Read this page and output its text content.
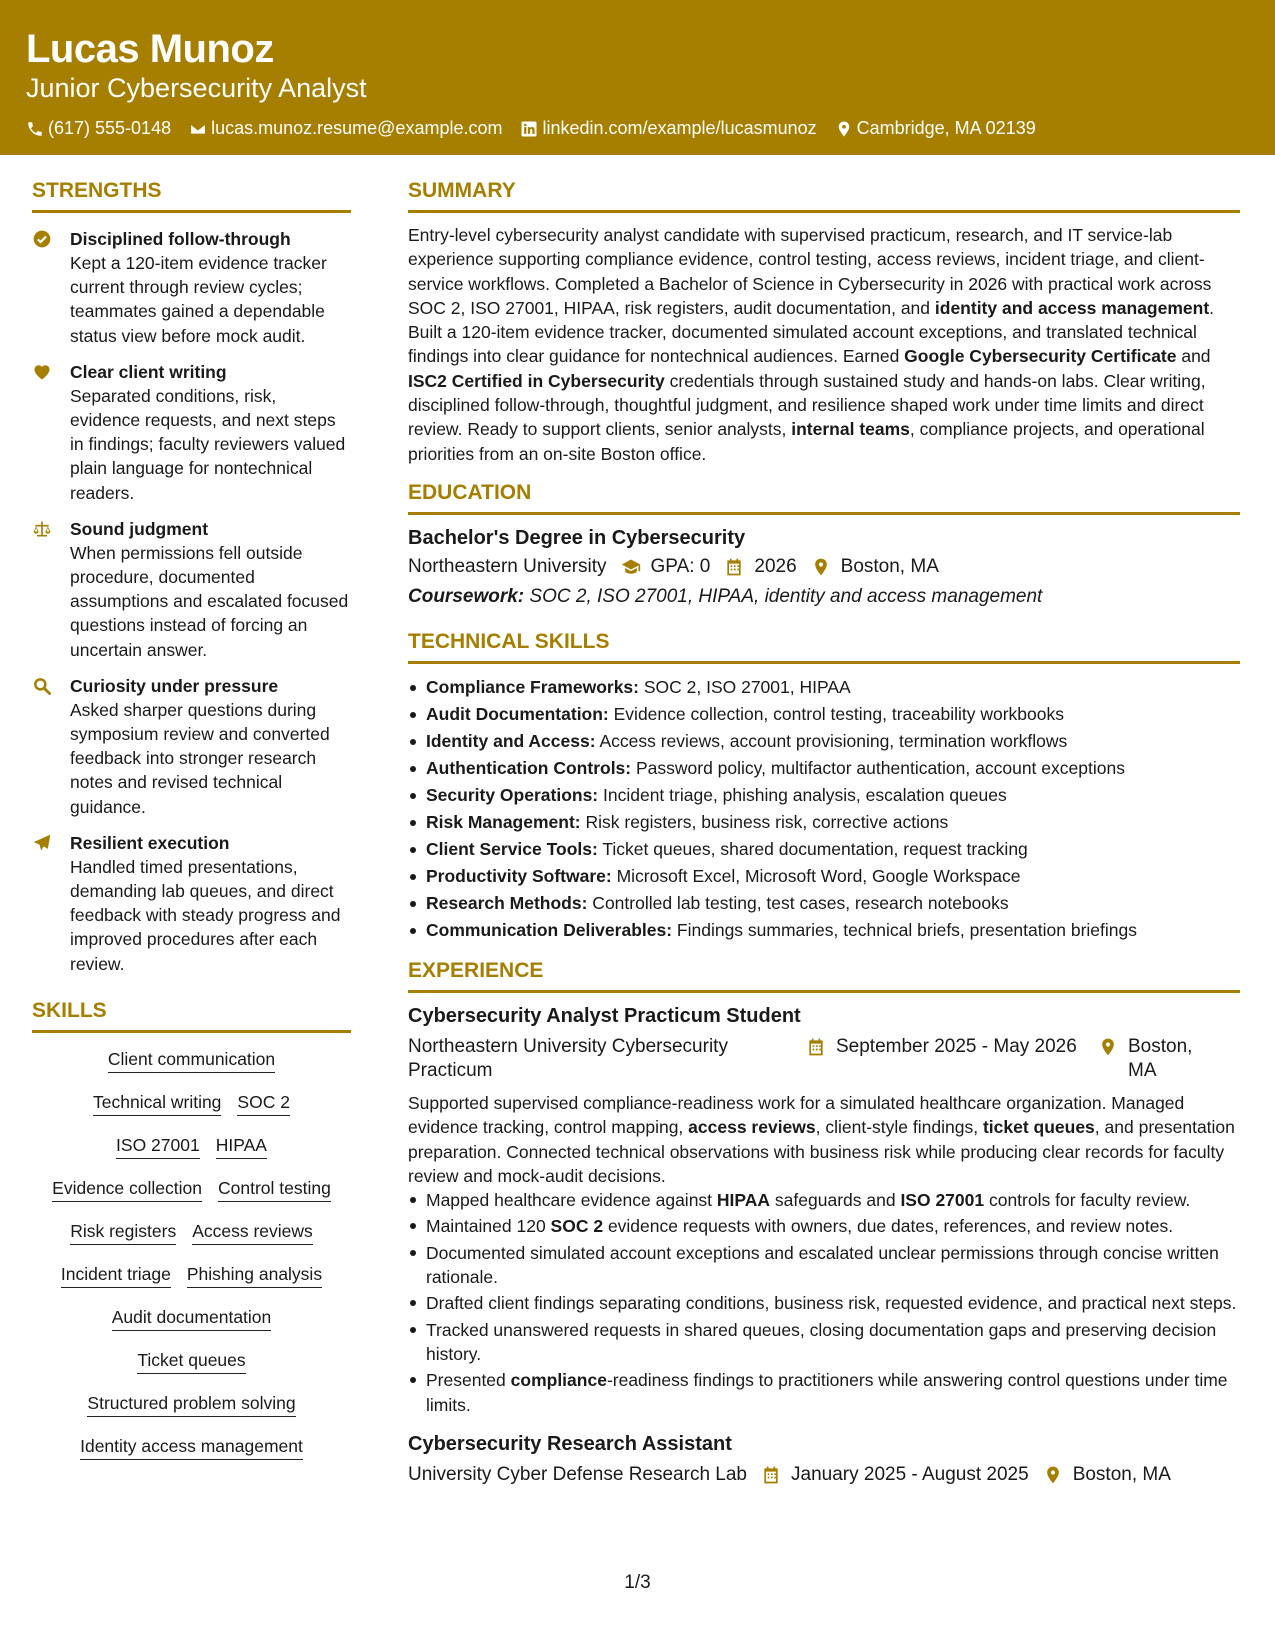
Lucas Munoz
Junior Cybersecurity Analyst
(617) 555-0148 lucas.munoz.resume@example.com linkedin.com/example/lucasmunoz Cambridge, MA 02139
STRENGTHS
Disciplined follow-through
Kept a 120-item evidence tracker current through review cycles; teammates gained a dependable status view before mock audit.
Clear client writing
Separated conditions, risk, evidence requests, and next steps in findings; faculty reviewers valued plain language for nontechnical readers.
Sound judgment
When permissions fell outside procedure, documented assumptions and escalated focused questions instead of forcing an uncertain answer.
Curiosity under pressure
Asked sharper questions during symposium review and converted feedback into stronger research notes and revised technical guidance.
Resilient execution
Handled timed presentations, demanding lab queues, and direct feedback with steady progress and improved procedures after each review.
SKILLS
Client communication
Technical writing SOC 2
ISO 27001 HIPAA
Evidence collection Control testing
Risk registers Access reviews
Incident triage Phishing analysis
Audit documentation
Ticket queues
Structured problem solving
Identity access management
SUMMARY
Entry-level cybersecurity analyst candidate with supervised practicum, research, and IT service-lab experience supporting compliance evidence, control testing, access reviews, incident triage, and client-service workflows. Completed a Bachelor of Science in Cybersecurity in 2026 with practical work across SOC 2, ISO 27001, HIPAA, risk registers, audit documentation, and identity and access management. Built a 120-item evidence tracker, documented simulated account exceptions, and translated technical findings into clear guidance for nontechnical audiences. Earned Google Cybersecurity Certificate and ISC2 Certified in Cybersecurity credentials through sustained study and hands-on labs. Clear writing, disciplined follow-through, thoughtful judgment, and resilience shaped work under time limits and direct review. Ready to support clients, senior analysts, internal teams, compliance projects, and operational priorities from an on-site Boston office.
EDUCATION
Bachelor's Degree in Cybersecurity
Northeastern University GPA: 0 2026 Boston, MA
Coursework: SOC 2, ISO 27001, HIPAA, identity and access management
TECHNICAL SKILLS
Compliance Frameworks: SOC 2, ISO 27001, HIPAA
Audit Documentation: Evidence collection, control testing, traceability workbooks
Identity and Access: Access reviews, account provisioning, termination workflows
Authentication Controls: Password policy, multifactor authentication, account exceptions
Security Operations: Incident triage, phishing analysis, escalation queues
Risk Management: Risk registers, business risk, corrective actions
Client Service Tools: Ticket queues, shared documentation, request tracking
Productivity Software: Microsoft Excel, Microsoft Word, Google Workspace
Research Methods: Controlled lab testing, test cases, research notebooks
Communication Deliverables: Findings summaries, technical briefs, presentation briefings
EXPERIENCE
Cybersecurity Analyst Practicum Student
Northeastern University Cybersecurity Practicum
September 2025 - May 2026	Boston, MA
Supported supervised compliance-readiness work for a simulated healthcare organization. Managed evidence tracking, control mapping, access reviews, client-style findings, ticket queues, and presentation preparation. Connected technical observations with business risk while producing clear records for faculty review and mock-audit decisions.
Mapped healthcare evidence against HIPAA safeguards and ISO 27001 controls for faculty review.
Maintained 120 SOC 2 evidence requests with owners, due dates, references, and review notes.
Documented simulated account exceptions and escalated unclear permissions through concise written rationale.
Drafted client findings separating conditions, business risk, requested evidence, and practical next steps.
Tracked unanswered requests in shared queues, closing documentation gaps and preserving decision history.
Presented compliance-readiness findings to practitioners while answering control questions under time limits.
Cybersecurity Research Assistant
University Cyber Defense Research Lab January 2025 - August 2025 Boston, MA
1/3
